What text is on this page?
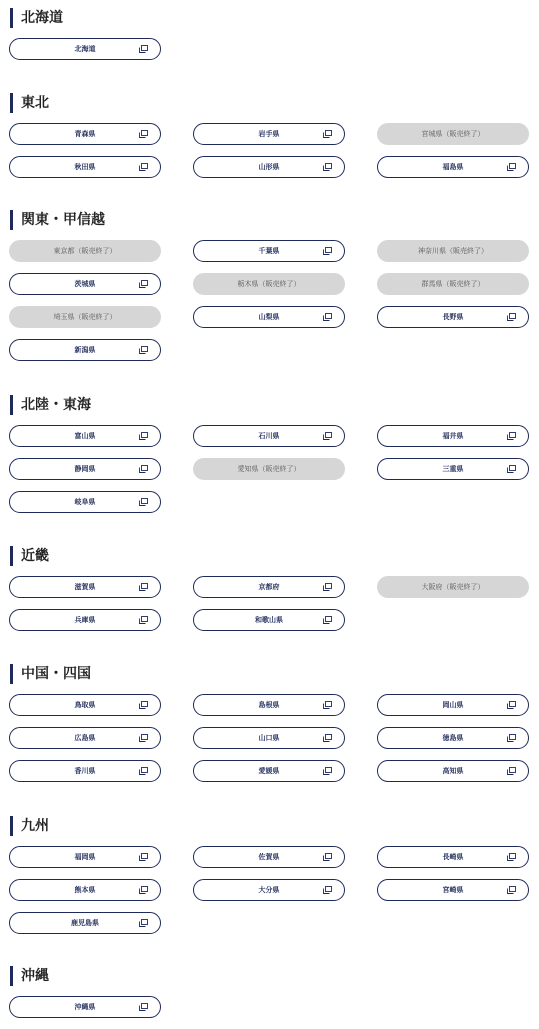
北海道
北海道
東北
青森県	岩手県	宮城県（販売終了）
秋田県	山形県	福島県
関東・甲信越
東京都（販売終了）	千葉県	神奈川県（販売終了）
茨城県	栃木県（販売終了）	群馬県（販売終了）
埼玉県（販売終了）	山梨県	長野県
新潟県
北陸・東海
富山県	石川県	福井県
静岡県	愛知県（販売終了）	三重県
岐阜県
近畿
滋賀県	京都府	大阪府（販売終了）
兵庫県	和歌山県
中国・四国
鳥取県	島根県	岡山県
広島県	山口県	徳島県
香川県	愛媛県	高知県
九州
福岡県	佐賀県	長崎県
熊本県	大分県	宮崎県
鹿児島県
沖縄
沖縄県
